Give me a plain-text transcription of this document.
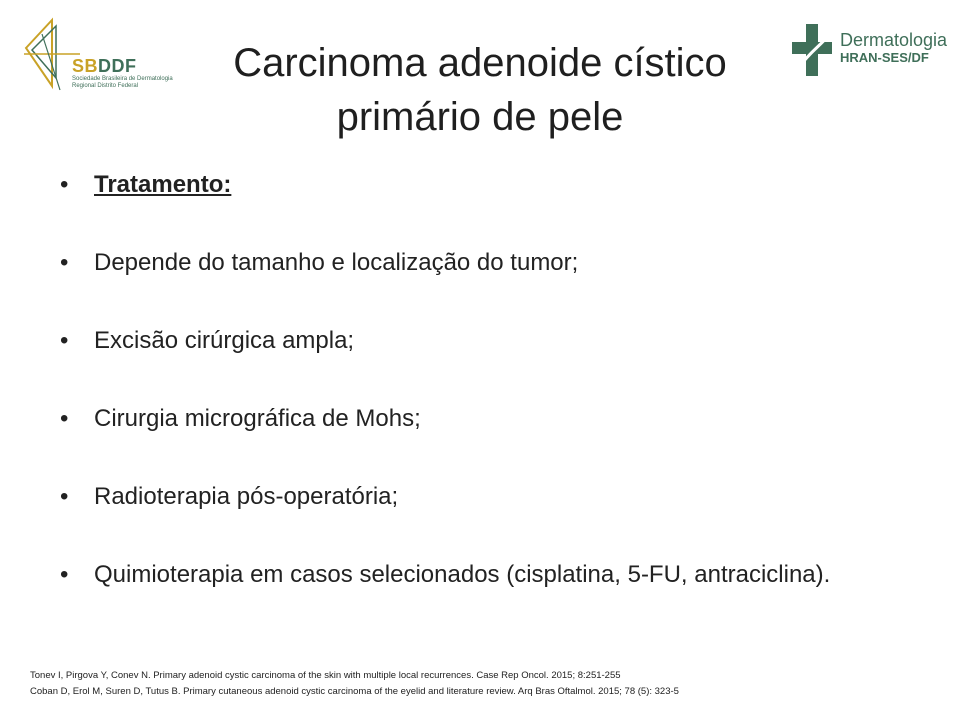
SBDDF
Sociedade Brasileira de Dermatologia
Regional Distrito Federal
Dermatologia
HRAN-SES/DF
Carcinoma adenoide cístico
primário de pele
• Tratamento:
• Depende do tamanho e localização do tumor;
• Excisão cirúrgica ampla;
• Cirurgia micrográfica de Mohs;
• Radioterapia pós-operatória;
• Quimioterapia em casos selecionados (cisplatina, 5-FU, antraciclina).
Tonev I, Pirgova Y, Conev N. Primary adenoid cystic carcinoma of the skin with multiple local recurrences. Case Rep Oncol. 2015; 8:251-255
Coban D, Erol M, Suren D, Tutus B. Primary cutaneous adenoid cystic carcinoma of the eyelid and literature review. Arq Bras Oftalmol. 2015; 78 (5): 323-5
